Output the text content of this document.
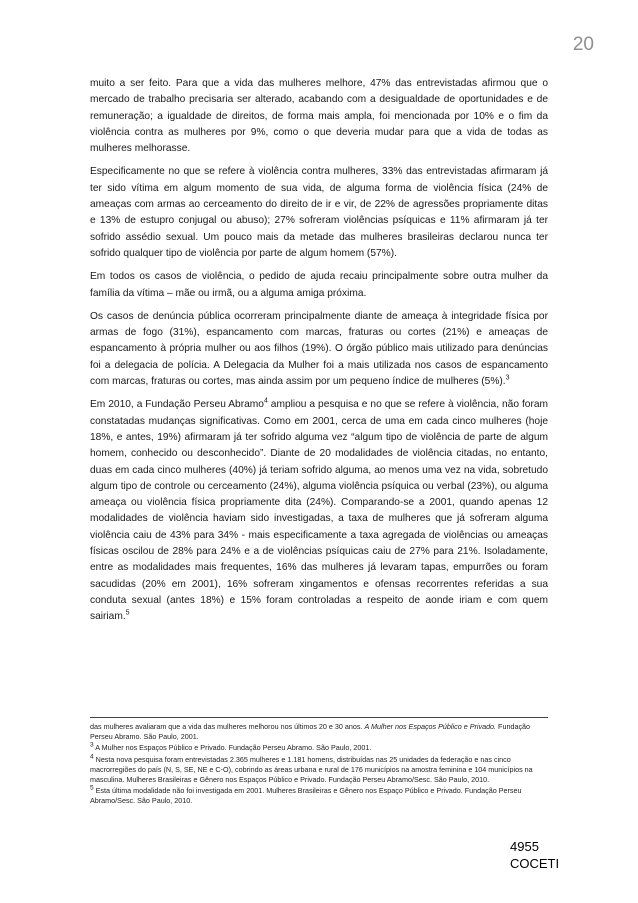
20

muito a ser feito. Para que a vida das mulheres melhore, 47% das entrevistadas afirmou que o mercado de trabalho precisaria ser alterado, acabando com a desigualdade de oportunidades e de remuneração; a igualdade de direitos, de forma mais ampla, foi mencionada por 10% e o fim da violência contra as mulheres por 9%, como o que deveria mudar para que a vida de todas as mulheres melhorasse.

Especificamente no que se refere à violência contra mulheres, 33% das entrevistadas afirmaram já ter sido vítima em algum momento de sua vida, de alguma forma de violência física (24% de ameaças com armas ao cerceamento do direito de ir e vir, de 22% de agressões propriamente ditas e 13% de estupro conjugal ou abuso); 27% sofreram violências psíquicas e 11% afirmaram já ter sofrido assédio sexual. Um pouco mais da metade das mulheres brasileiras declarou nunca ter sofrido qualquer tipo de violência por parte de algum homem (57%).

Em todos os casos de violência, o pedido de ajuda recaiu principalmente sobre outra mulher da família da vítima – mãe ou irmã, ou a alguma amiga próxima.

Os casos de denúncia pública ocorreram principalmente diante de ameaça à integridade física por armas de fogo (31%), espancamento com marcas, fraturas ou cortes (21%) e ameaças de espancamento à própria mulher ou aos filhos (19%). O órgão público mais utilizado para denúncias foi a delegacia de polícia. A Delegacia da Mulher foi a mais utilizada nos casos de espancamento com marcas, fraturas ou cortes, mas ainda assim por um pequeno índice de mulheres (5%).$^3$

Em 2010, a Fundação Perseu Abramo$^4$ ampliou a pesquisa e no que se refere à violência, não foram constatadas mudanças significativas. Como em 2001, cerca de uma em cada cinco mulheres (hoje 18%, e antes, 19%) afirmaram já ter sofrido alguma vez “algum tipo de violência de parte de algum homem, conhecido ou desconhecido”. Diante de 20 modalidades de violência citadas, no entanto, duas em cada cinco mulheres (40%) já teriam sofrido alguma, ao menos uma vez na vida, sobretudo algum tipo de controle ou cerceamento (24%), alguma violência psíquica ou verbal (23%), ou alguma ameaça ou violência física propriamente dita (24%). Comparando-se a 2001, quando apenas 12 modalidades de violência haviam sido investigadas, a taxa de mulheres que já sofreram alguma violência caiu de 43% para 34% - mais especificamente a taxa agregada de violências ou ameaças físicas oscilou de 28% para 24% e a de violências psíquicas caiu de 27% para 21%. Isoladamente, entre as modalidades mais frequentes, 16% das mulheres já levaram tapas, empurrões ou foram sacudidas (20% em 2001), 16% sofreram xingamentos e ofensas recorrentes referidas a sua conduta sexual (antes 18%) e 15% foram controladas a respeito de aonde iriam e com quem sairiam.$^5$

das mulheres avaliaram que a vida das mulheres melhorou nos últimos 20 e 30 anos. A Mulher nos Espaços Público e Privado. Fundação Perseu Abramo. São Paulo, 2001.

$^3$ A Mulher nos Espaços Público e Privado. Fundação Perseu Abramo. São Paulo, 2001.

$^4$ Nesta nova pesquisa foram entrevistadas 2.365 mulheres e 1.181 homens, distribuídas nas 25 unidades da federação e nas cinco macrorregiões do país (N, S, SE, NE e C-O), cobrindo as áreas urbana e rural de 176 municípios na amostra feminina e 104 municípios na masculina. Mulheres Brasileiras e Gênero nos Espaços Público e Privado. Fundação Perseu Abramo/Sesc. São Paulo, 2010.

$^5$ Esta última modalidade não foi investigada em 2001. Mulheres Brasileiras e Gênero nos Espaço Público e Privado. Fundação Perseu Abramo/Sesc. São Paulo, 2010.

4955
COCETI
